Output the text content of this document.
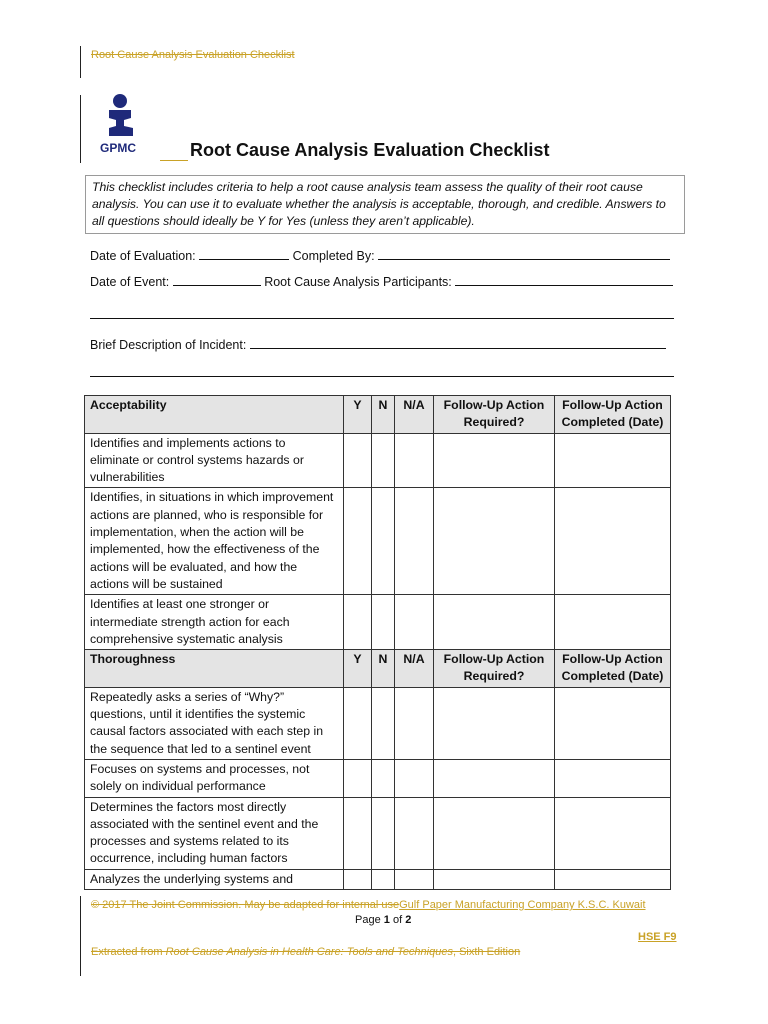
Root Cause Analysis Evaluation Checklist
GPMC	Root Cause Analysis Evaluation Checklist
This checklist includes criteria to help a root cause analysis team assess the quality of their root cause analysis. You can use it to evaluate whether the analysis is acceptable, thorough, and credible. Answers to all questions should ideally be Y for Yes (unless they aren’t applicable).
Date of Evaluation:	Completed By:
Date of Event:	Root Cause Analysis Participants:
Brief Description of Incident:
Acceptability	Y	N	N/A	Follow-Up Action Required?	Follow-Up Action Completed (Date)
Identifies and implements actions to eliminate or control systems hazards or vulnerabilities					
Identifies, in situations in which improvement actions are planned, who is responsible for implementation, when the action will be implemented, how the effectiveness of the actions will be evaluated, and how the actions will be sustained					
Identifies at least one stronger or intermediate strength action for each comprehensive systematic analysis					
Thoroughness	Y	N	N/A	Follow-Up Action Required?	Follow-Up Action Completed (Date)
Repeatedly asks a series of “Why?” questions, until it identifies the systemic causal factors associated with each step in the sequence that led to a sentinel event					
Focuses on systems and processes, not solely on individual performance					
Determines the factors most directly associated with the sentinel event and the processes and systems related to its occurrence, including human factors					
Analyzes the underlying systems and					
© 2017 The Joint Commission. May be adapted for internal useGulf Paper Manufacturing Company K.S.C. Kuwait
Page 1 of 2
HSE F9
Extracted from Root Cause Analysis in Health Care: Tools and Techniques, Sixth Edition
